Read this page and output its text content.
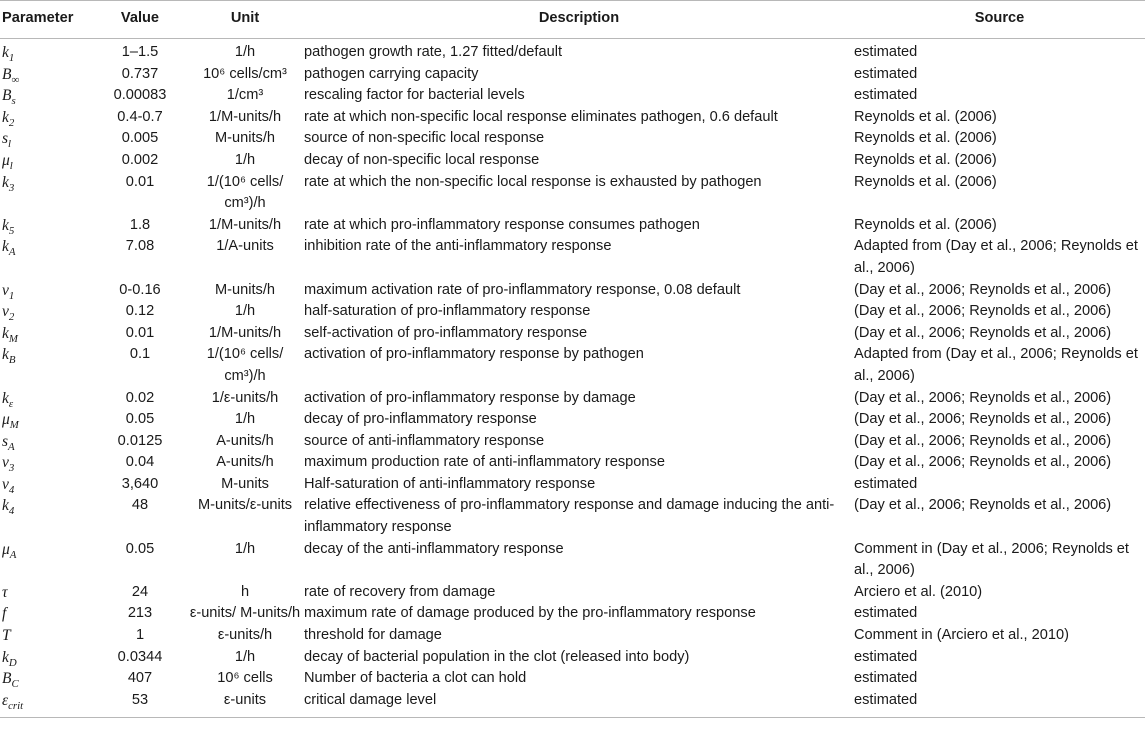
Parameter	Value	Unit	Description	Source
$k_1$	1–1.5	1/h	pathogen growth rate, 1.27 fitted/default	estimated
$B_\infty$	0.737	10⁶ cells/cm³	pathogen carrying capacity	estimated
$B_s$	0.00083	1/cm³	rescaling factor for bacterial levels	estimated
$k_2$	0.4-0.7	1/M-units/h	rate at which non-specific local response eliminates pathogen, 0.6 default	Reynolds et al. (2006)
$s_l$	0.005	M-units/h	source of non-specific local response	Reynolds et al. (2006)
$\mu_l$	0.002	1/h	decay of non-specific local response	Reynolds et al. (2006)
$k_3$	0.01	1/(10⁶ cells/ cm³)/h	rate at which the non-specific local response is exhausted by pathogen	Reynolds et al. (2006)
$k_5$	1.8	1/M-units/h	rate at which pro-inflammatory response consumes pathogen	Reynolds et al. (2006)
$k_A$	7.08	1/A-units	inhibition rate of the anti-inflammatory response	Adapted from (Day et al., 2006; Reynolds et al., 2006)
$\nu_1$	0-0.16	M-units/h	maximum activation rate of pro-inflammatory response, 0.08 default	(Day et al., 2006; Reynolds et al., 2006)
$\nu_2$	0.12	1/h	half-saturation of pro-inflammatory response	(Day et al., 2006; Reynolds et al., 2006)
$k_M$	0.01	1/M-units/h	self-activation of pro-inflammatory response	(Day et al., 2006; Reynolds et al., 2006)
$k_B$	0.1	1/(10⁶ cells/ cm³)/h	activation of pro-inflammatory response by pathogen	Adapted from (Day et al., 2006; Reynolds et al., 2006)
$k_\varepsilon$	0.02	1/ε-units/h	activation of pro-inflammatory response by damage	(Day et al., 2006; Reynolds et al., 2006)
$\mu_M$	0.05	1/h	decay of pro-inflammatory response	(Day et al., 2006; Reynolds et al., 2006)
$s_A$	0.0125	A-units/h	source of anti-inflammatory response	(Day et al., 2006; Reynolds et al., 2006)
$\nu_3$	0.04	A-units/h	maximum production rate of anti-inflammatory response	(Day et al., 2006; Reynolds et al., 2006)
$\nu_4$	3,640	M-units	Half-saturation of anti-inflammatory response	estimated
$k_4$	48	M-units/ε-units	relative effectiveness of pro-inflammatory response and damage inducing the anti-inflammatory response	(Day et al., 2006; Reynolds et al., 2006)
$\mu_A$	0.05	1/h	decay of the anti-inflammatory response	Comment in (Day et al., 2006; Reynolds et al., 2006)
τ	24	h	rate of recovery from damage	Arciero et al. (2010)
f	213	ε-units/ M-units/h	maximum rate of damage produced by the pro-inflammatory response	estimated
T	1	ε-units/h	threshold for damage	Comment in (Arciero et al., 2010)
$k_D$	0.0344	1/h	decay of bacterial population in the clot (released into body)	estimated
$B_C$	407	10⁶ cells	Number of bacteria a clot can hold	estimated
$\varepsilon_{crit}$	53	ε-units	critical damage level	estimated
